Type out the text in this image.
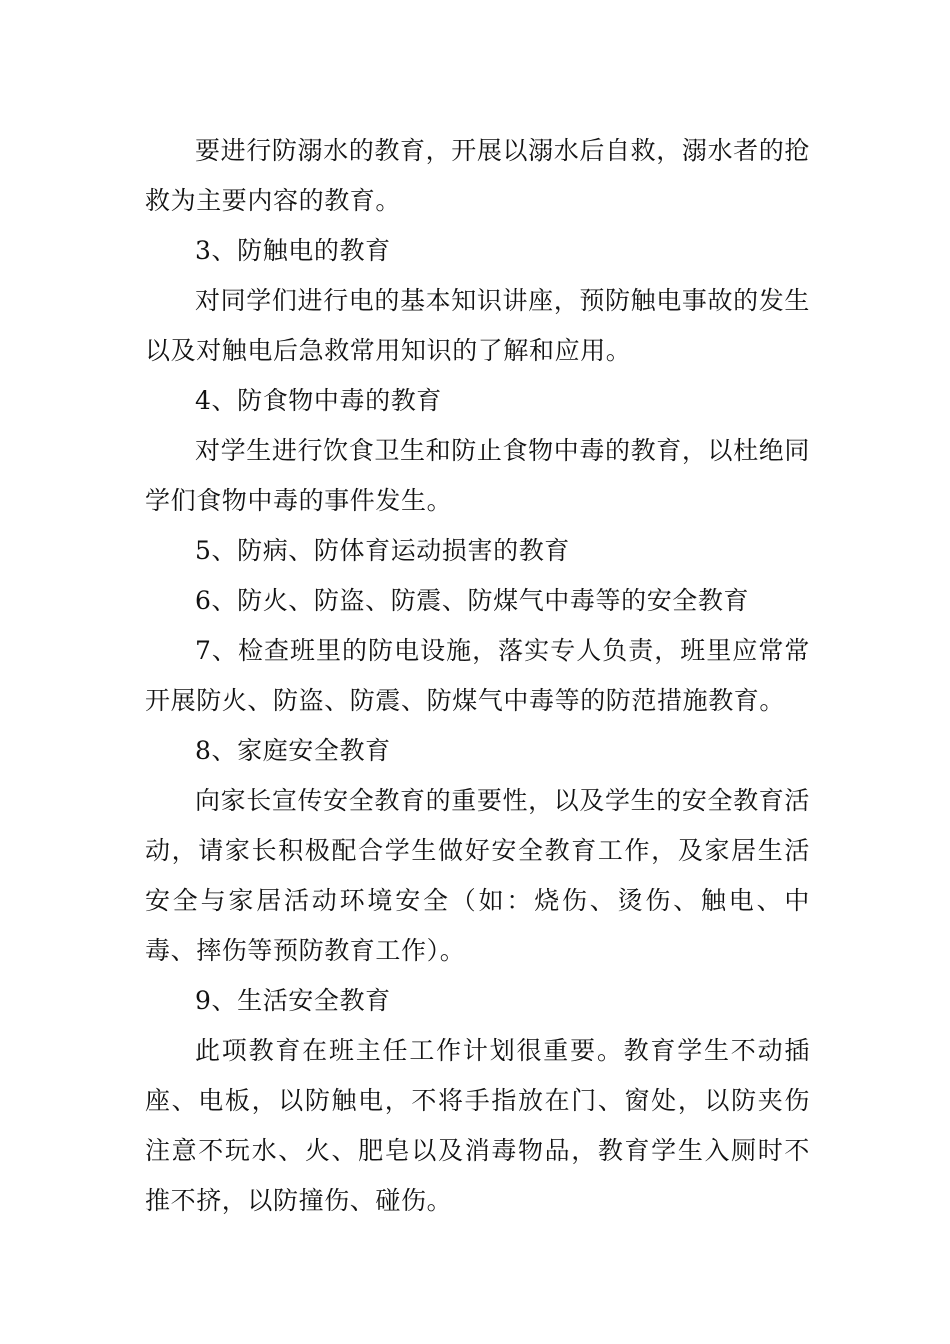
要进行防溺水的教育，开展以溺水后自救，溺水者的抢救为主要内容的教育。

3、防触电的教育

对同学们进行电的基本知识讲座，预防触电事故的发生以及对触电后急救常用知识的了解和应用。

4、防食物中毒的教育

对学生进行饮食卫生和防止食物中毒的教育，以杜绝同学们食物中毒的事件发生。

5、防病、防体育运动损害的教育

6、防火、防盗、防震、防煤气中毒等的安全教育

7、检查班里的防电设施，落实专人负责，班里应常常开展防火、防盗、防震、防煤气中毒等的防范措施教育。

8、家庭安全教育

向家长宣传安全教育的重要性，以及学生的安全教育活动，请家长积极配合学生做好安全教育工作，及家居生活安全与家居活动环境安全（如：烧伤、烫伤、触电、中毒、摔伤等预防教育工作）。

9、生活安全教育

此项教育在班主任工作计划很重要。教育学生不动插座、电板，以防触电，不将手指放在门、窗处，以防夹伤注意不玩水、火、肥皂以及消毒物品，教育学生入厕时不推不挤，以防撞伤、碰伤。
